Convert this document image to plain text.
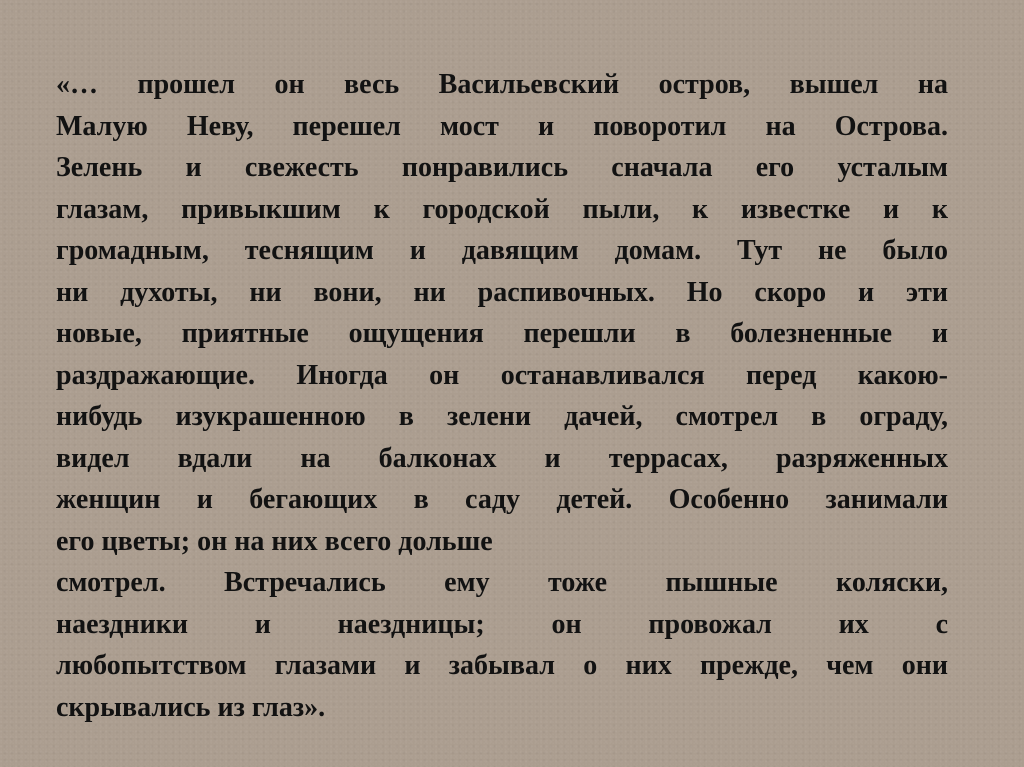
«… прошел он весь Васильевский остров, вышел на
Малую Неву, перешел мост и поворотил на Острова.
Зелень и свежесть понравились сначала его усталым
глазам, привыкшим к городской пыли, к известке и к
громадным, теснящим и давящим домам. Тут не было
ни духоты, ни вони, ни распивочных. Но скоро и эти
новые, приятные ощущения перешли в болезненные и
раздражающие. Иногда он останавливался перед какою-
нибудь изукрашенною в зелени дачей, смотрел в ограду,
видел вдали на балконах и террасах, разряженных
женщин и бегающих в саду детей. Особенно занимали
его цветы; он на них всего дольше
смотрел. Встречались ему тоже пышные коляски,
наездники и наездницы; он провожал их с
любопытством глазами и забывал о них прежде, чем они
скрывались из глаз».
